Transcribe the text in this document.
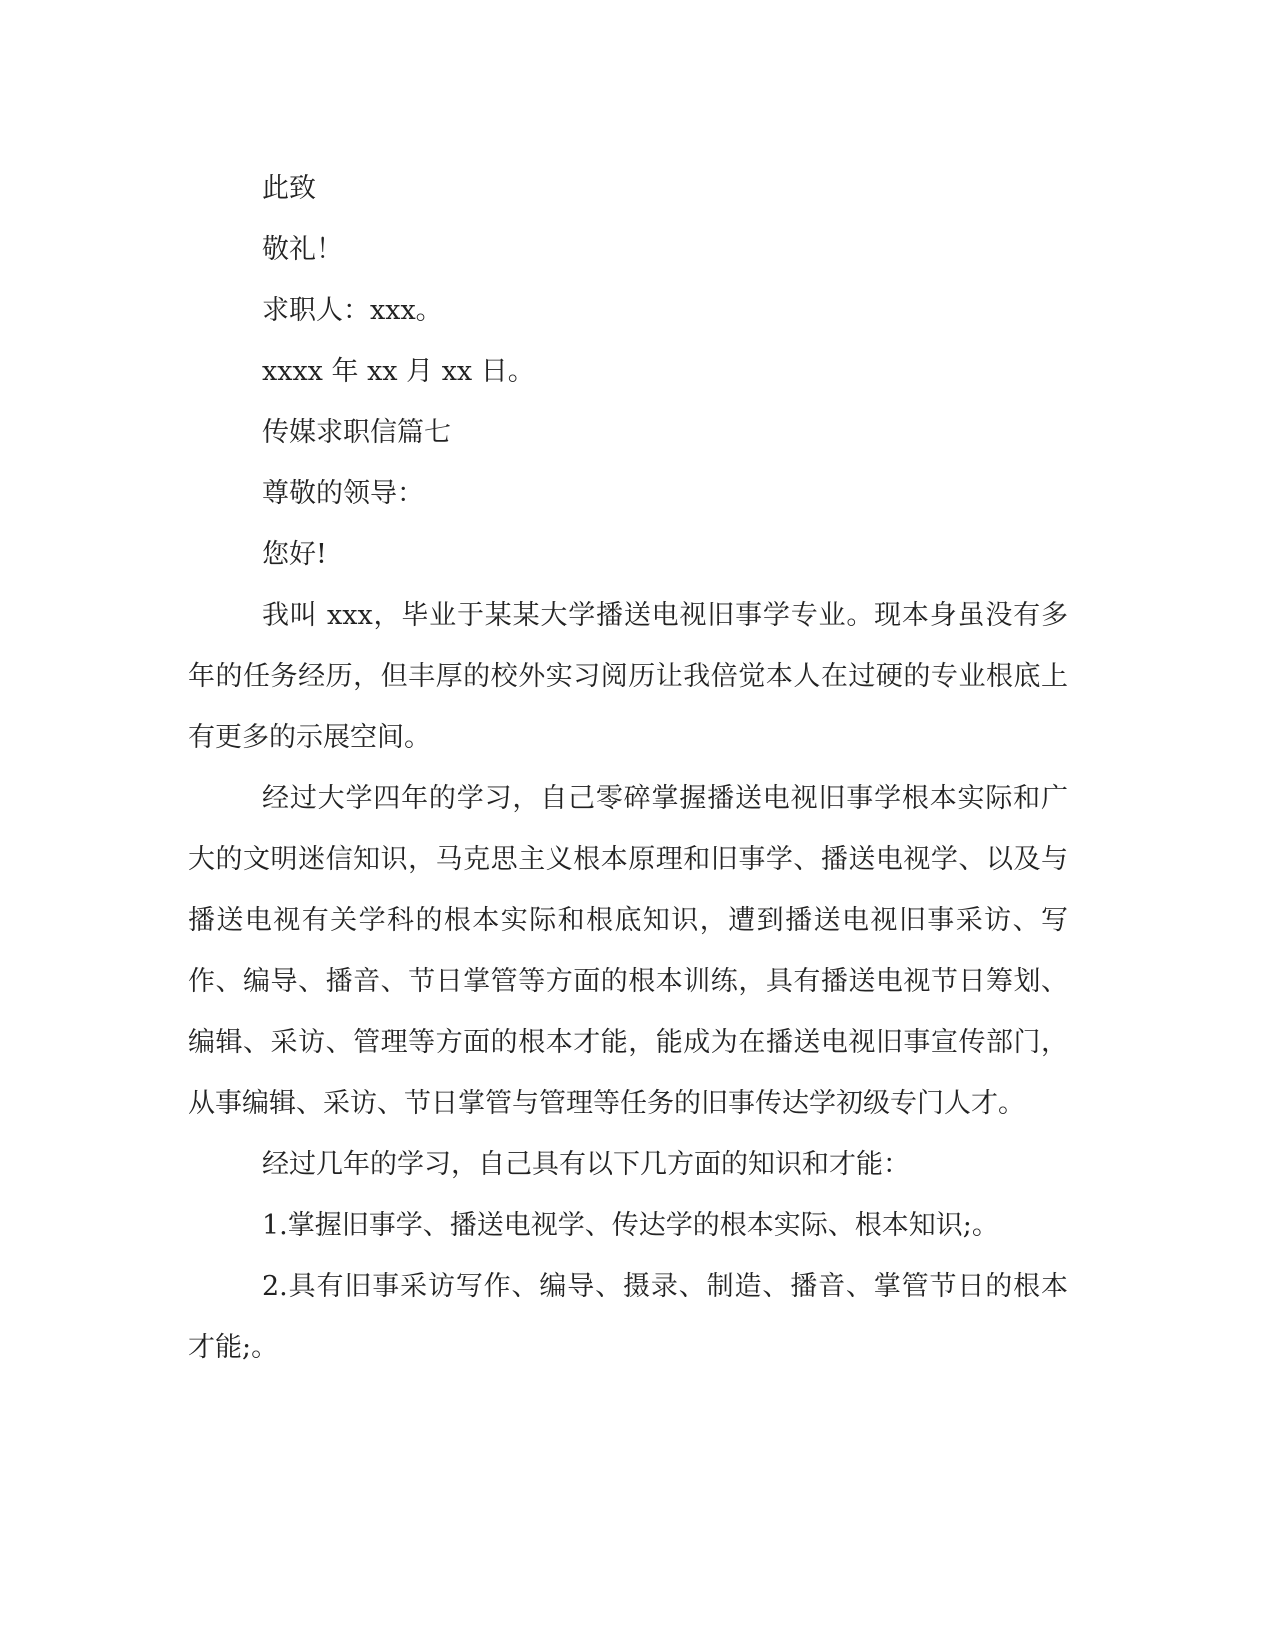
此致

敬礼！

求职人：xxx。

xxxx 年 xx 月 xx 日。

传媒求职信篇七

尊敬的领导：

您好!

我叫 xxx，毕业于某某大学播送电视旧事学专业。现本身虽没有多年的任务经历，但丰厚的校外实习阅历让我倍觉本人在过硬的专业根底上有更多的示展空间。

经过大学四年的学习，自己零碎掌握播送电视旧事学根本实际和广大的文明迷信知识，马克思主义根本原理和旧事学、播送电视学、以及与播送电视有关学科的根本实际和根底知识，遭到播送电视旧事采访、写作、编导、播音、节日掌管等方面的根本训练，具有播送电视节日筹划、编辑、采访、管理等方面的根本才能，能成为在播送电视旧事宣传部门，从事编辑、采访、节日掌管与管理等任务的旧事传达学初级专门人才。

经过几年的学习，自己具有以下几方面的知识和才能：

1.掌握旧事学、播送电视学、传达学的根本实际、根本知识;。

2.具有旧事采访写作、编导、摄录、制造、播音、掌管节日的根本才能;。
